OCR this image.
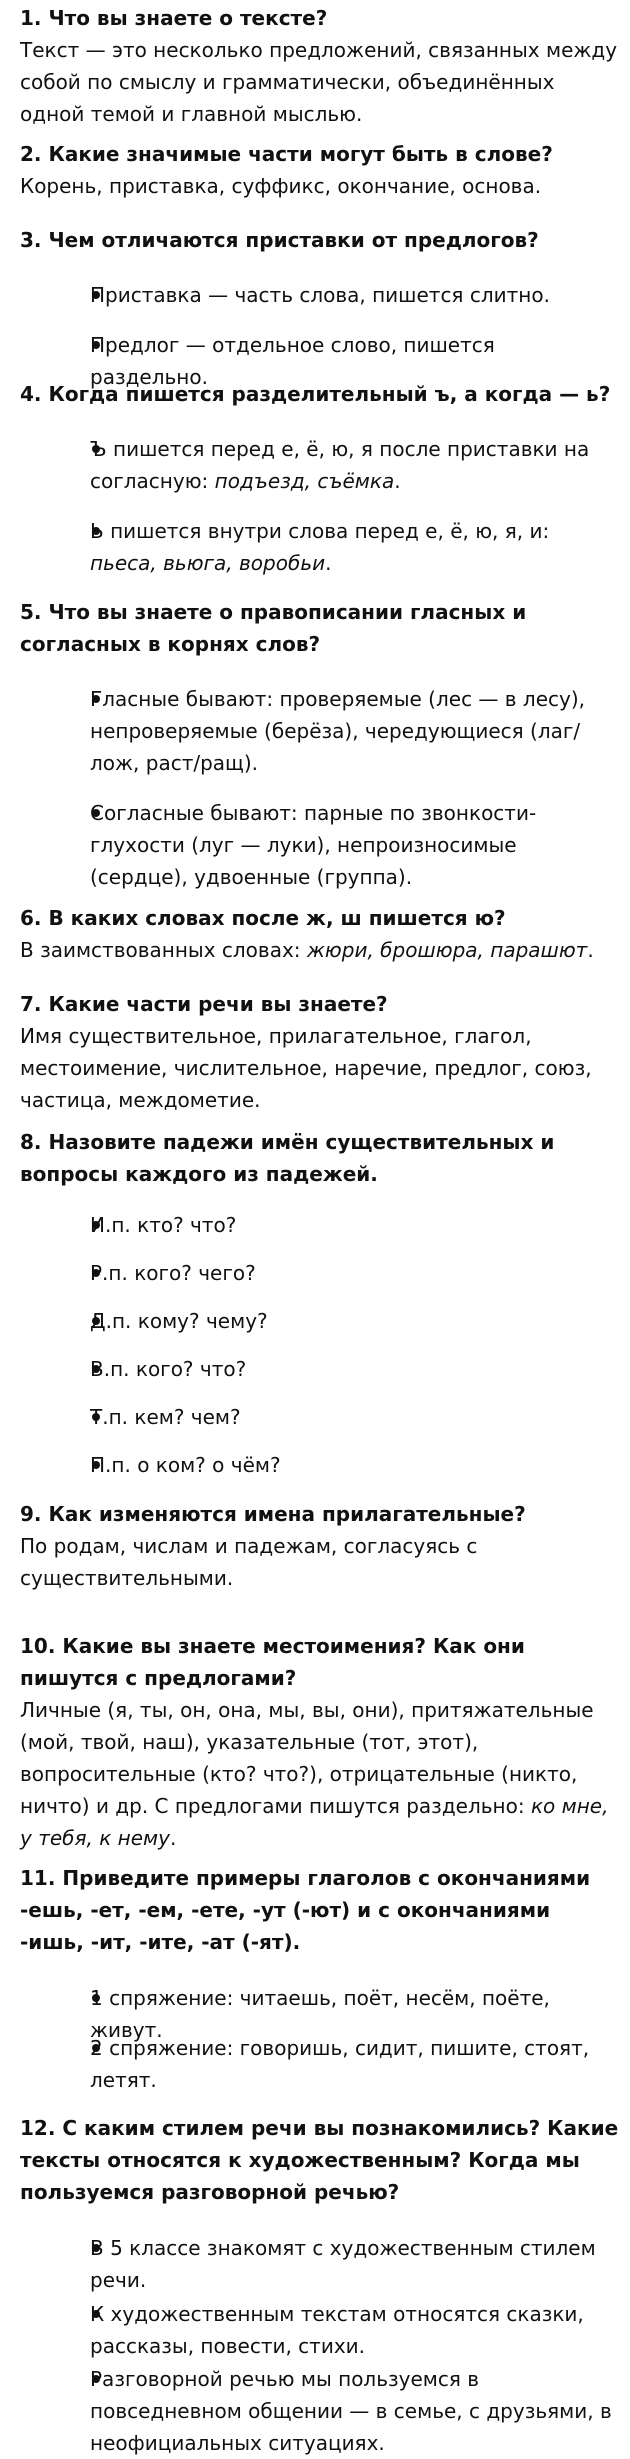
1. Что вы знаете о тексте?
Текст — это несколько предложений, связанных между собой по смыслу и грамматически, объединённых одной темой и главной мыслью.
2. Какие значимые части могут быть в слове?
Корень, приставка, суффикс, окончание, основа.
3. Чем отличаются приставки от предлогов?
Приставка — часть слова, пишется слитно.
Предлог — отдельное слово, пишется раздельно.
4. Когда пишется разделительный ъ, а когда — ь?
Ъ пишется перед е, ё, ю, я после приставки на согласную: подъезд, съёмка.
Ь пишется внутри слова перед е, ё, ю, я, и: пьеса, вьюга, воробьи.
5. Что вы знаете о правописании гласных и согласных в корнях слов?
Гласные бывают: проверяемые (лес — в лесу), непроверяемые (берёза), чередующиеся (лаг/лож, раст/ращ).
Согласные бывают: парные по звонкости-глухости (луг — луки), непроизносимые (сердце), удвоенные (группа).
6. В каких словах после ж, ш пишется ю?
В заимствованных словах: жюри, брошюра, парашют.
7. Какие части речи вы знаете?
Имя существительное, прилагательное, глагол, местоимение, числительное, наречие, предлог, союз, частица, междометие.
8. Назовите падежи имён существительных и вопросы каждого из падежей.
И.п. кто? что?
Р.п. кого? чего?
Д.п. кому? чему?
В.п. кого? что?
Т.п. кем? чем?
П.п. о ком? о чём?
9. Как изменяются имена прилагательные?
По родам, числам и падежам, согласуясь с существительными.
10. Какие вы знаете местоимения? Как они пишутся с предлогами?
Личные (я, ты, он, она, мы, вы, они), притяжательные (мой, твой, наш), указательные (тот, этот), вопросительные (кто? что?), отрицательные (никто, ничто) и др. С предлогами пишутся раздельно: ко мне, у тебя, к нему.
11. Приведите примеры глаголов с окончаниями -ешь, -ет, -ем, -ете, -ут (-ют) и с окончаниями -ишь, -ит, -ите, -ат (-ят).
1 спряжение: читаешь, поёт, несём, поёте, живут.
2 спряжение: говоришь, сидит, пишите, стоят, летят.
12. С каким стилем речи вы познакомились? Какие тексты относятся к художественным? Когда мы пользуемся разговорной речью?
В 5 классе знакомят с художественным стилем речи.
К художественным текстам относятся сказки, рассказы, повести, стихи.
Разговорной речью мы пользуемся в повседневном общении — в семье, с друзьями, в неофициальных ситуациях.
